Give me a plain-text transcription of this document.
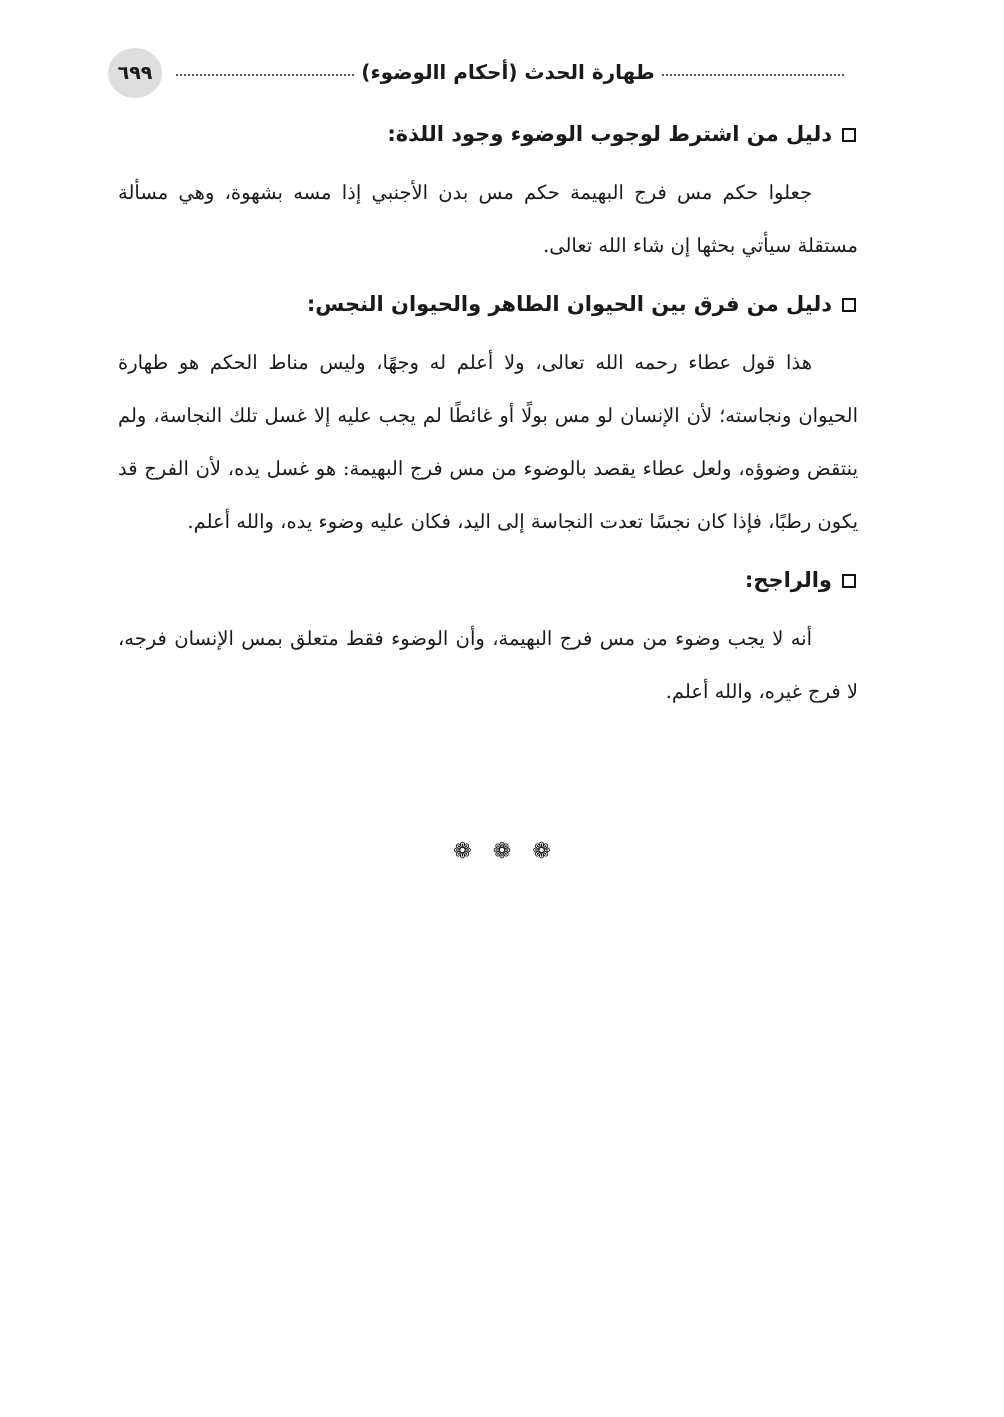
٦٩٩	طهارة الحدث (أحكام االوضوء)
دليل من اشترط لوجوب الوضوء وجود اللذة:

جعلوا حكم مس فرج البهيمة حكم مس بدن الأجنبي إذا مسه بشهوة، وهي مسألة مستقلة سيأتي بحثها إن شاء الله تعالى.

دليل من فرق بين الحيوان الطاهر والحيوان النجس:

هذا قول عطاء رحمه الله تعالى، ولا أعلم له وجهًا، وليس مناط الحكم هو طهارة الحيوان ونجاسته؛ لأن الإنسان لو مس بولًا أو غائطًا لم يجب عليه إلا غسل تلك النجاسة، ولم ينتقض وضوؤه، ولعل عطاء يقصد بالوضوء من مس فرج البهيمة: هو غسل يده، لأن الفرج قد يكون رطبًا، فإذا كان نجسًا تعدت النجاسة إلى اليد، فكان عليه وضوء يده، والله أعلم.

والراجح:

أنه لا يجب وضوء من مس فرج البهيمة، وأن الوضوء فقط متعلق بمس الإنسان فرجه، لا فرج غيره، والله أعلم.

❁ ❁ ❁
